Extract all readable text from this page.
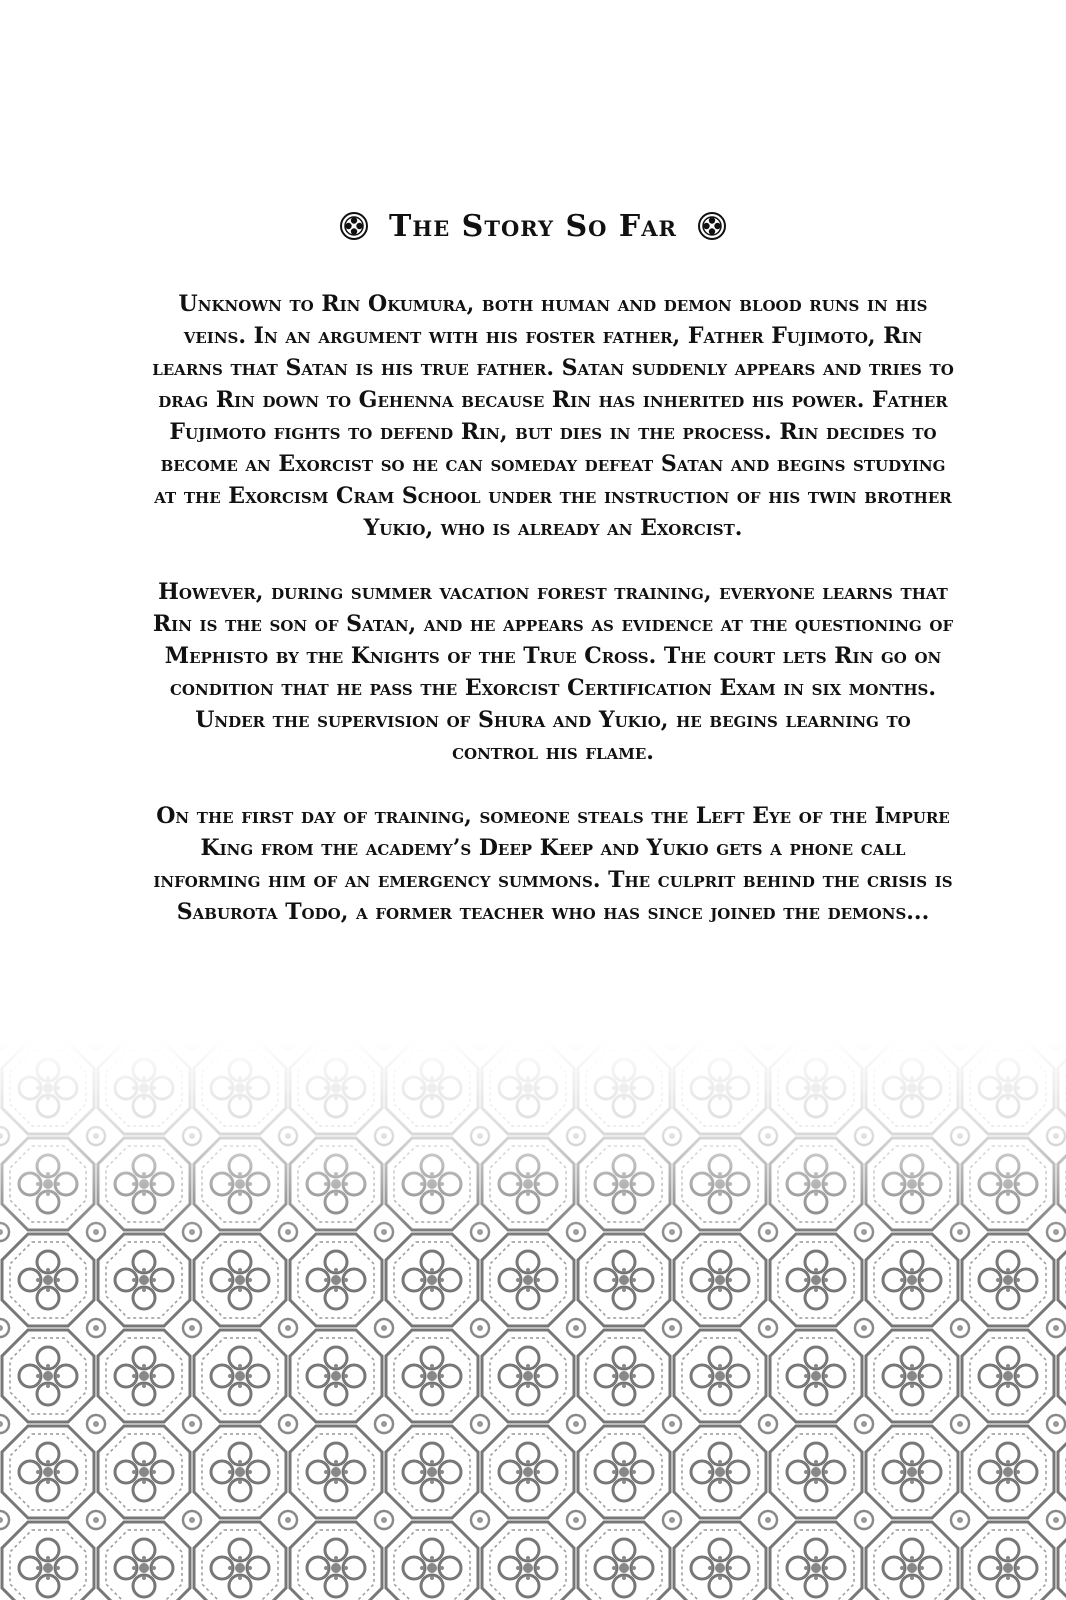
The Story So Far

Unknown to Rin Okumura, both human and demon blood runs in his veins. In an argument with his foster father, Father Fujimoto, Rin learns that Satan is his true father. Satan suddenly appears and tries to drag Rin down to Gehenna because Rin has inherited his power. Father Fujimoto fights to defend Rin, but dies in the process. Rin decides to become an Exorcist so he can someday defeat Satan and begins studying at the Exorcism Cram School under the instruction of his twin brother Yukio, who is already an Exorcist.

However, during summer vacation forest training, everyone learns that Rin is the son of Satan, and he appears as evidence at the questioning of Mephisto by the Knights of the True Cross. The court lets Rin go on condition that he pass the Exorcist Certification Exam in six months. Under the supervision of Shura and Yukio, he begins learning to control his flame.

On the first day of training, someone steals the Left Eye of the Impure King from the academy’s Deep Keep and Yukio gets a phone call informing him of an emergency summons. The culprit behind the crisis is Saburota Todo, a former teacher who has since joined the demons...
